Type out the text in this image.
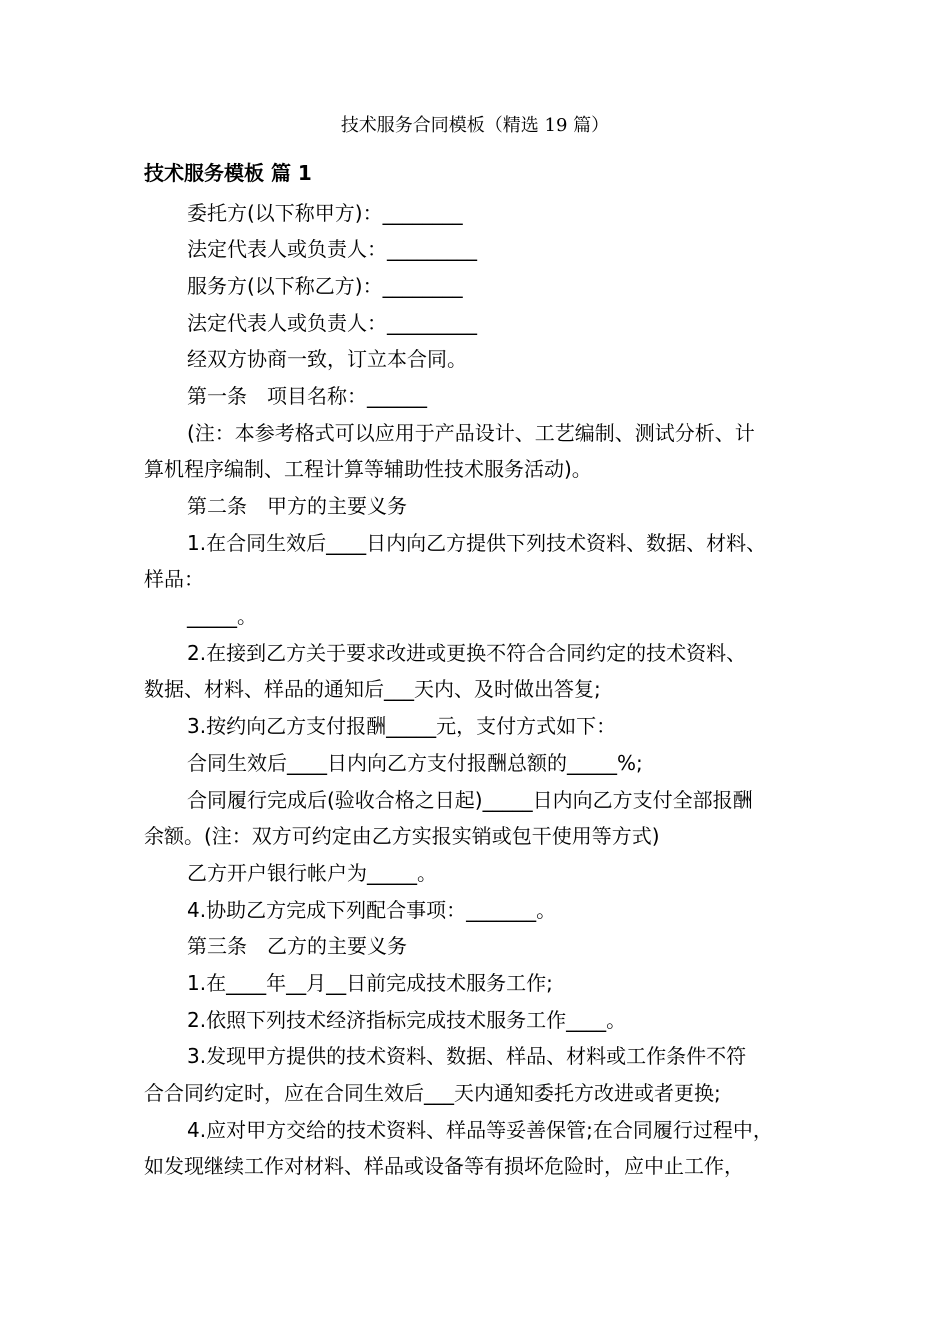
技术服务合同模板（精选 19 篇）
技术服务模板 篇 1
委托方(以下称甲方)：________
法定代表人或负责人：_________
服务方(以下称乙方)：________
法定代表人或负责人：_________
经双方协商一致，订立本合同。
第一条　项目名称：______
(注：本参考格式可以应用于产品设计、工艺编制、测试分析、计
算机程序编制、工程计算等辅助性技术服务活动)。
第二条　甲方的主要义务
1.在合同生效后____日内向乙方提供下列技术资料、数据、材料、
样品：
_____。
2.在接到乙方关于要求改进或更换不符合合同约定的技术资料、
数据、材料、样品的通知后___天内、及时做出答复;
3.按约向乙方支付报酬_____元，支付方式如下：
合同生效后____日内向乙方支付报酬总额的_____%;
合同履行完成后(验收合格之日起)_____日内向乙方支付全部报酬
余额。(注：双方可约定由乙方实报实销或包干使用等方式)
乙方开户银行帐户为_____。
4.协助乙方完成下列配合事项：_______。
第三条　乙方的主要义务
1.在____年__月__日前完成技术服务工作;
2.依照下列技术经济指标完成技术服务工作____。
3.发现甲方提供的技术资料、数据、样品、材料或工作条件不符
合合同约定时，应在合同生效后___天内通知委托方改进或者更换;
4.应对甲方交给的技术资料、样品等妥善保管;在合同履行过程中，
如发现继续工作对材料、样品或设备等有损坏危险时，应中止工作，
